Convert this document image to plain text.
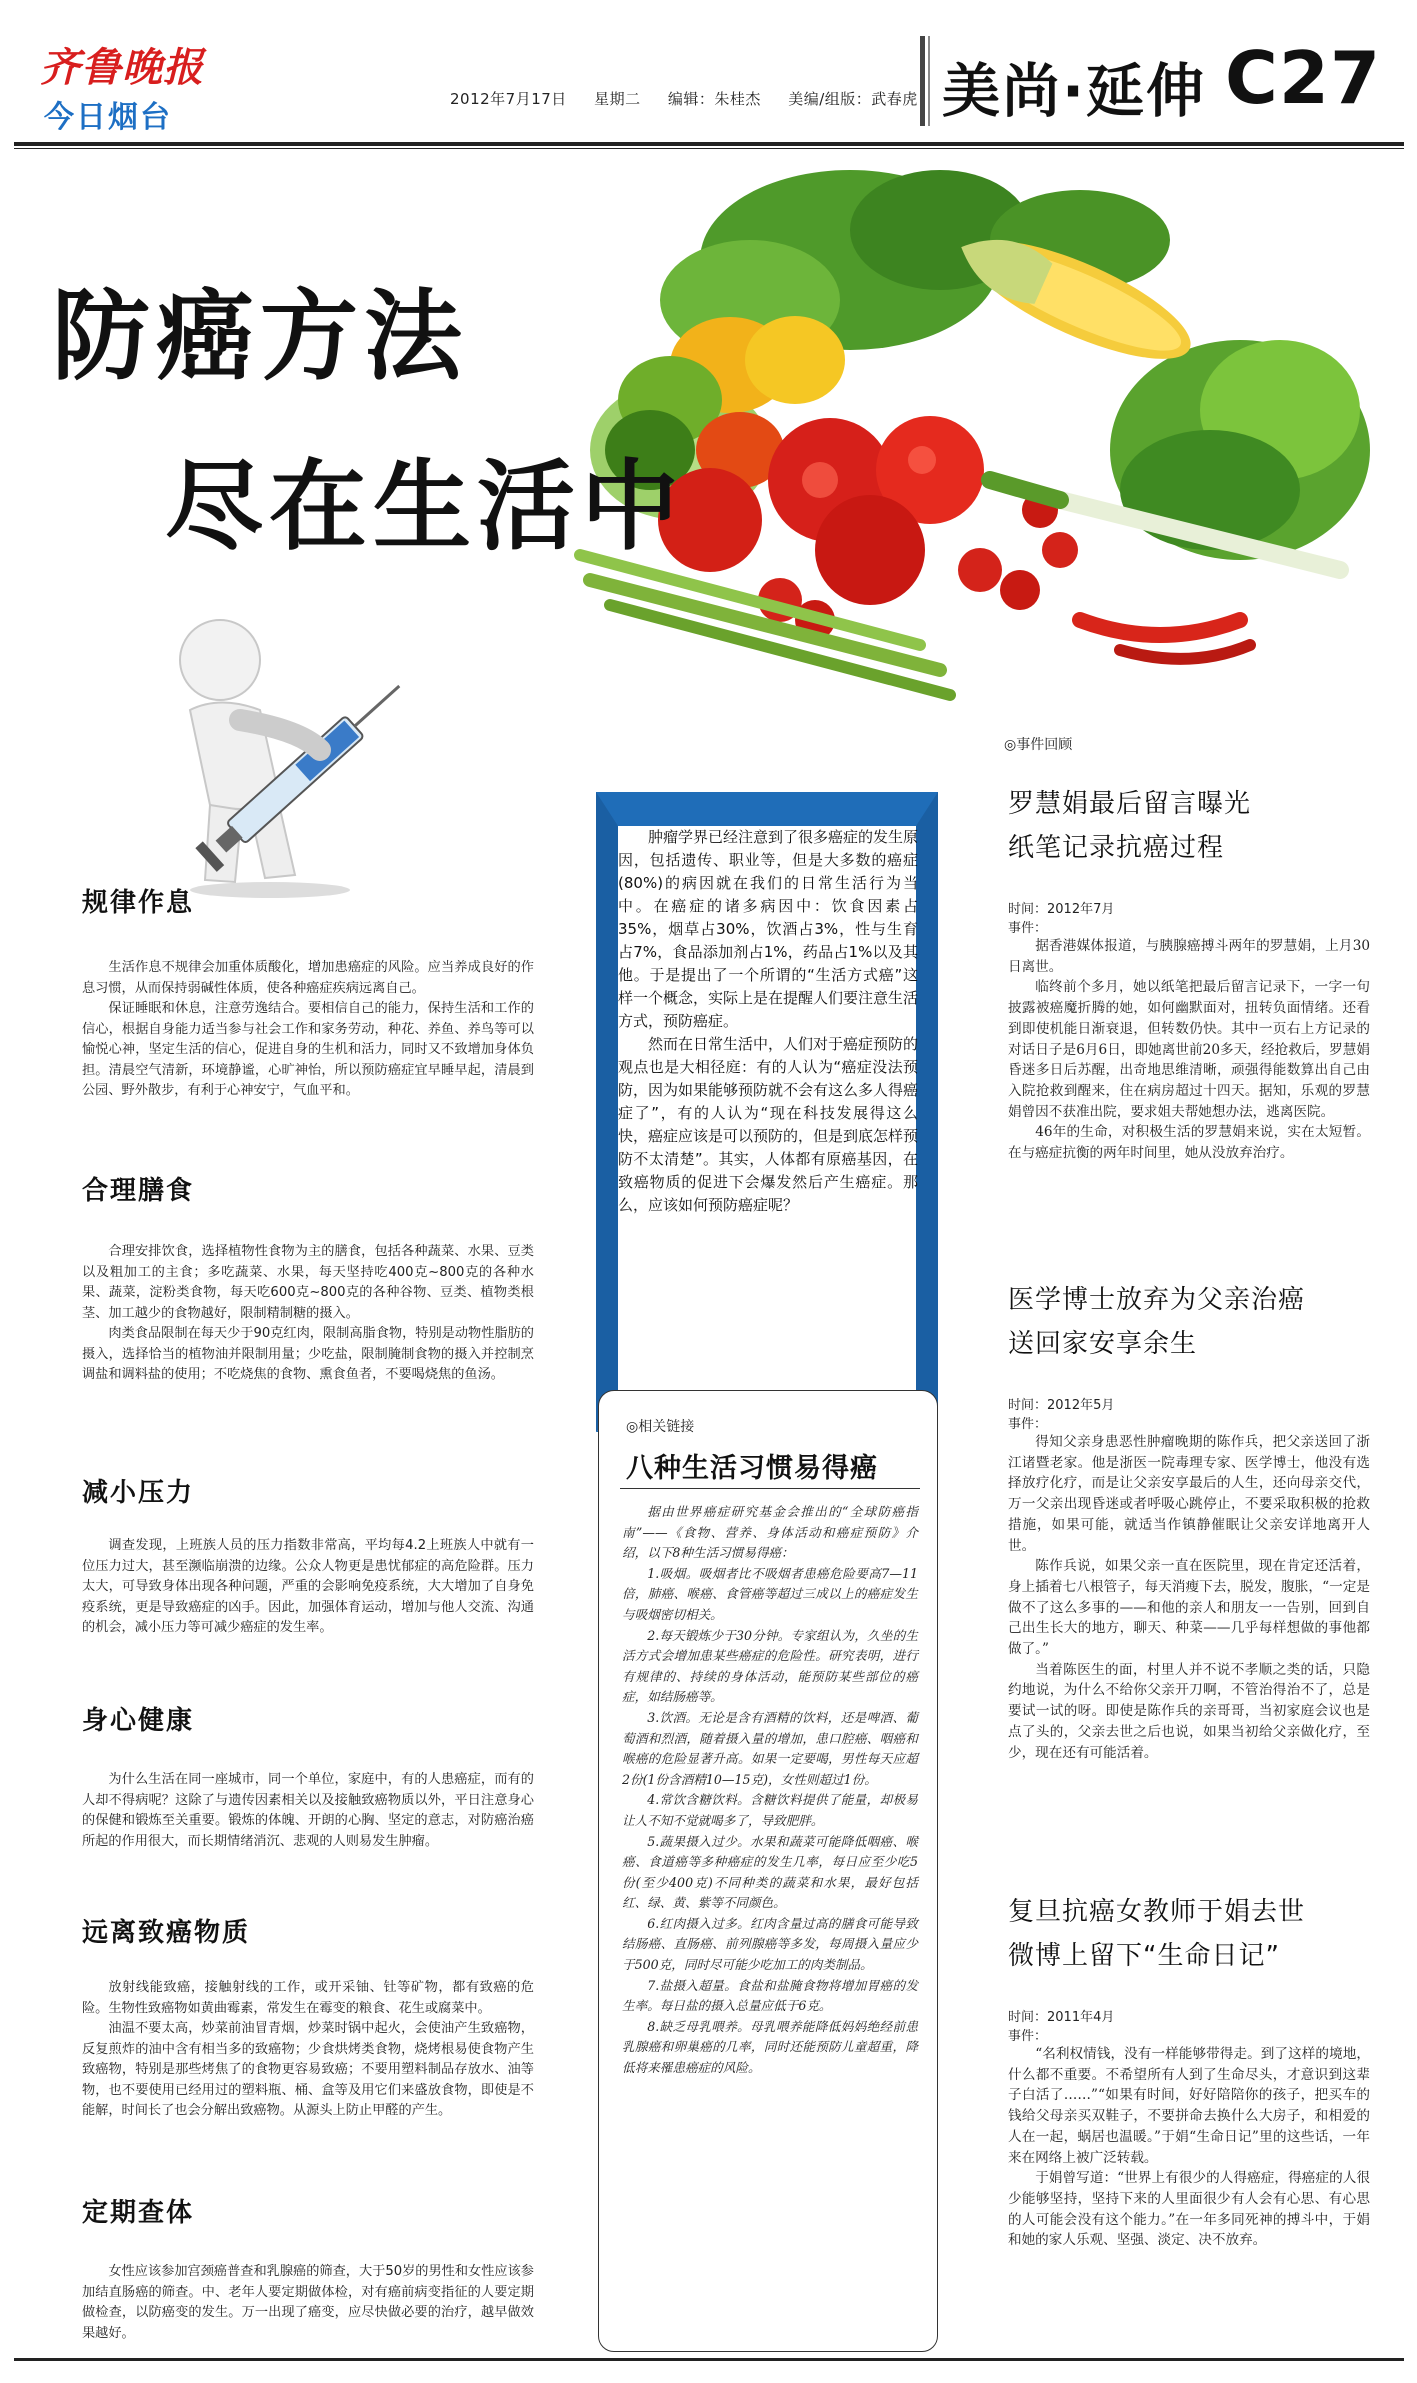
齐鲁晚报
今日烟台
2012年7月17日 星期二 编辑：朱桂杰 美编/组版：武春虎 美尚·延伸 C27
防癌方法
尽在生活中
规律作息

生活作息不规律会加重体质酸化，增加患癌症的风险。应当养成良好的作息习惯，从而保持弱碱性体质，使各种癌症疾病远离自己。

保证睡眠和休息，注意劳逸结合。要相信自己的能力，保持生活和工作的信心，根据自身能力适当参与社会工作和家务劳动，种花、养鱼、养鸟等可以愉悦心神，坚定生活的信心，促进自身的生机和活力，同时又不致增加身体负担。清晨空气清新，环境静谧，心旷神怡，所以预防癌症宜早睡早起，清晨到公园、野外散步，有利于心神安宁，气血平和。

合理膳食

合理安排饮食，选择植物性食物为主的膳食，包括各种蔬菜、水果、豆类以及粗加工的主食；多吃蔬菜、水果，每天坚持吃400克~800克的各种水果、蔬菜，淀粉类食物，每天吃600克~800克的各种谷物、豆类、植物类根茎、加工越少的食物越好，限制精制糖的摄入。

肉类食品限制在每天少于90克红肉，限制高脂食物，特别是动物性脂肪的摄入，选择恰当的植物油并限制用量；少吃盐，限制腌制食物的摄入并控制烹调盐和调料盐的使用；不吃烧焦的食物、熏食鱼者，不要喝烧焦的鱼汤。

减小压力

调查发现，上班族人员的压力指数非常高，平均每4.2上班族人中就有一位压力过大，甚至濒临崩溃的边缘。公众人物更是患忧郁症的高危险群。压力太大，可导致身体出现各种问题，严重的会影响免疫系统，大大增加了自身免疫系统，更是导致癌症的凶手。因此，加强体育运动，增加与他人交流、沟通的机会，减小压力等可减少癌症的发生率。

身心健康

为什么生活在同一座城市，同一个单位，家庭中，有的人患癌症，而有的人却不得病呢？这除了与遗传因素相关以及接触致癌物质以外，平日注意身心的保健和锻炼至关重要。锻炼的体魄、开朗的心胸、坚定的意志，对防癌治癌所起的作用很大，而长期情绪消沉、悲观的人则易发生肿瘤。

远离致癌物质

放射线能致癌，接触射线的工作，或开采铀、钍等矿物，都有致癌的危险。生物性致癌物如黄曲霉素，常发生在霉变的粮食、花生或腐菜中。

油温不要太高，炒菜前油冒青烟，炒菜时锅中起火，会使油产生致癌物，反复煎炸的油中含有相当多的致癌物；少食烘烤类食物，烧烤根易使食物产生致癌物，特别是那些烤焦了的食物更容易致癌；不要用塑料制品存放水、油等物，也不要使用已经用过的塑料瓶、桶、盒等及用它们来盛放食物，即使是不能解，时间长了也会分解出致癌物。从源头上防止甲醛的产生。

定期查体

女性应该参加宫颈癌普查和乳腺癌的筛查，大于50岁的男性和女性应该参加结直肠癌的筛查。中、老年人要定期做体检，对有癌前病变指征的人要定期做检查，以防癌变的发生。万一出现了癌变，应尽快做必要的治疗，越早做效果越好。

肿瘤学界已经注意到了很多癌症的发生原因，包括遗传、职业等，但是大多数的癌症(80%)的病因就在我们的日常生活行为当中。在癌症的诸多病因中：饮食因素占35%，烟草占30%，饮酒占3%，性与生育占7%，食品添加剂占1%，药品占1%以及其他。于是提出了一个所谓的“生活方式癌”这样一个概念，实际上是在提醒人们要注意生活方式，预防癌症。

然而在日常生活中，人们对于癌症预防的观点也是大相径庭：有的人认为“癌症没法预防，因为如果能够预防就不会有这么多人得癌症了”，有的人认为“现在科技发展得这么快，癌症应该是可以预防的，但是到底怎样预防不太清楚”。其实，人体都有原癌基因，在致癌物质的促进下会爆发然后产生癌症。那么，应该如何预防癌症呢？

◎相关链接
八种生活习惯易得癌

据由世界癌症研究基金会推出的“全球防癌指南”——《食物、营养、身体活动和癌症预防》介绍，以下8种生活习惯易得癌：

1.吸烟。吸烟者比不吸烟者患癌危险要高7—11倍，肺癌、喉癌、食管癌等超过三成以上的癌症发生与吸烟密切相关。

2.每天锻炼少于30分钟。专家组认为，久坐的生活方式会增加患某些癌症的危险性。研究表明，进行有规律的、持续的身体活动，能预防某些部位的癌症，如结肠癌等。

3.饮酒。无论是含有酒精的饮料，还是啤酒、葡萄酒和烈酒，随着摄入量的增加，患口腔癌、咽癌和喉癌的危险显著升高。如果一定要喝，男性每天应超2份(1份含酒精10—15克)，女性则超过1份。

4.常饮含糖饮料。含糖饮料提供了能量，却极易让人不知不觉就喝多了，导致肥胖。

5.蔬果摄入过少。水果和蔬菜可能降低咽癌、喉癌、食道癌等多种癌症的发生几率，每日应至少吃5份(至少400克)不同种类的蔬菜和水果，最好包括红、绿、黄、紫等不同颜色。

6.红肉摄入过多。红肉含量过高的膳食可能导致结肠癌、直肠癌、前列腺癌等多发，每周摄入量应少于500克，同时尽可能少吃加工的肉类制品。

7.盐摄入超量。食盐和盐腌食物将增加胃癌的发生率。每日盐的摄入总量应低于6克。

8.缺乏母乳喂养。母乳喂养能降低妈妈绝经前患乳腺癌和卵巢癌的几率，同时还能预防儿童超重，降低将来罹患癌症的风险。

◎事件回顾
罗慧娟最后留言曝光
纸笔记录抗癌过程
时间：2012年7月
事件：

据香港媒体报道，与胰腺癌搏斗两年的罗慧娟，上月30日离世。

临终前个多月，她以纸笔把最后留言记录下，一字一句披露被癌魔折腾的她，如何幽默面对，扭转负面情绪。还看到即使机能日渐衰退，但转数仍快。其中一页右上方记录的对话日子是6月6日，即她离世前20多天，经抢救后，罗慧娟昏迷多日后苏醒，出奇地思维清晰，顽强得能数算出自己由入院抢救到醒来，住在病房超过十四天。据知，乐观的罗慧娟曾因不获准出院，要求姐夫帮她想办法，逃离医院。

46年的生命，对积极生活的罗慧娟来说，实在太短暂。在与癌症抗衡的两年时间里，她从没放弃治疗。

医学博士放弃为父亲治癌
送回家安享余生
时间：2012年5月
事件：

得知父亲身患恶性肿瘤晚期的陈作兵，把父亲送回了浙江诸暨老家。他是浙医一院毒理专家、医学博士，他没有选择放疗化疗，而是让父亲安享最后的人生，还向母亲交代，万一父亲出现昏迷或者呼吸心跳停止，不要采取积极的抢救措施，如果可能，就适当作镇静催眠让父亲安详地离开人世。

陈作兵说，如果父亲一直在医院里，现在肯定还活着，身上插着七八根管子，每天消瘦下去，脱发，腹胀，“一定是做不了这么多事的——和他的亲人和朋友一一告别，回到自己出生长大的地方，聊天、种菜——几乎每样想做的事他都做了。”

当着陈医生的面，村里人并不说不孝顺之类的话，只隐约地说，为什么不给你父亲开刀啊，不管治得治不了，总是要试一试的呀。即使是陈作兵的亲哥哥，当初家庭会议也是点了头的，父亲去世之后也说，如果当初给父亲做化疗，至少，现在还有可能活着。

复旦抗癌女教师于娟去世
微博上留下“生命日记”
时间：2011年4月
事件：

“名利权情钱，没有一样能够带得走。到了这样的境地，什么都不重要。不希望所有人到了生命尽头，才意识到这辈子白活了……”“如果有时间，好好陪陪你的孩子，把买车的钱给父母亲买双鞋子，不要拼命去换什么大房子，和相爱的人在一起，蜗居也温暖。”于娟“生命日记”里的这些话，一年来在网络上被广泛转载。

于娟曾写道：“世界上有很少的人得癌症，得癌症的人很少能够坚持，坚持下来的人里面很少有人会有心思、有心思的人可能会没有这个能力。”在一年多同死神的搏斗中，于娟和她的家人乐观、坚强、淡定、决不放弃。
